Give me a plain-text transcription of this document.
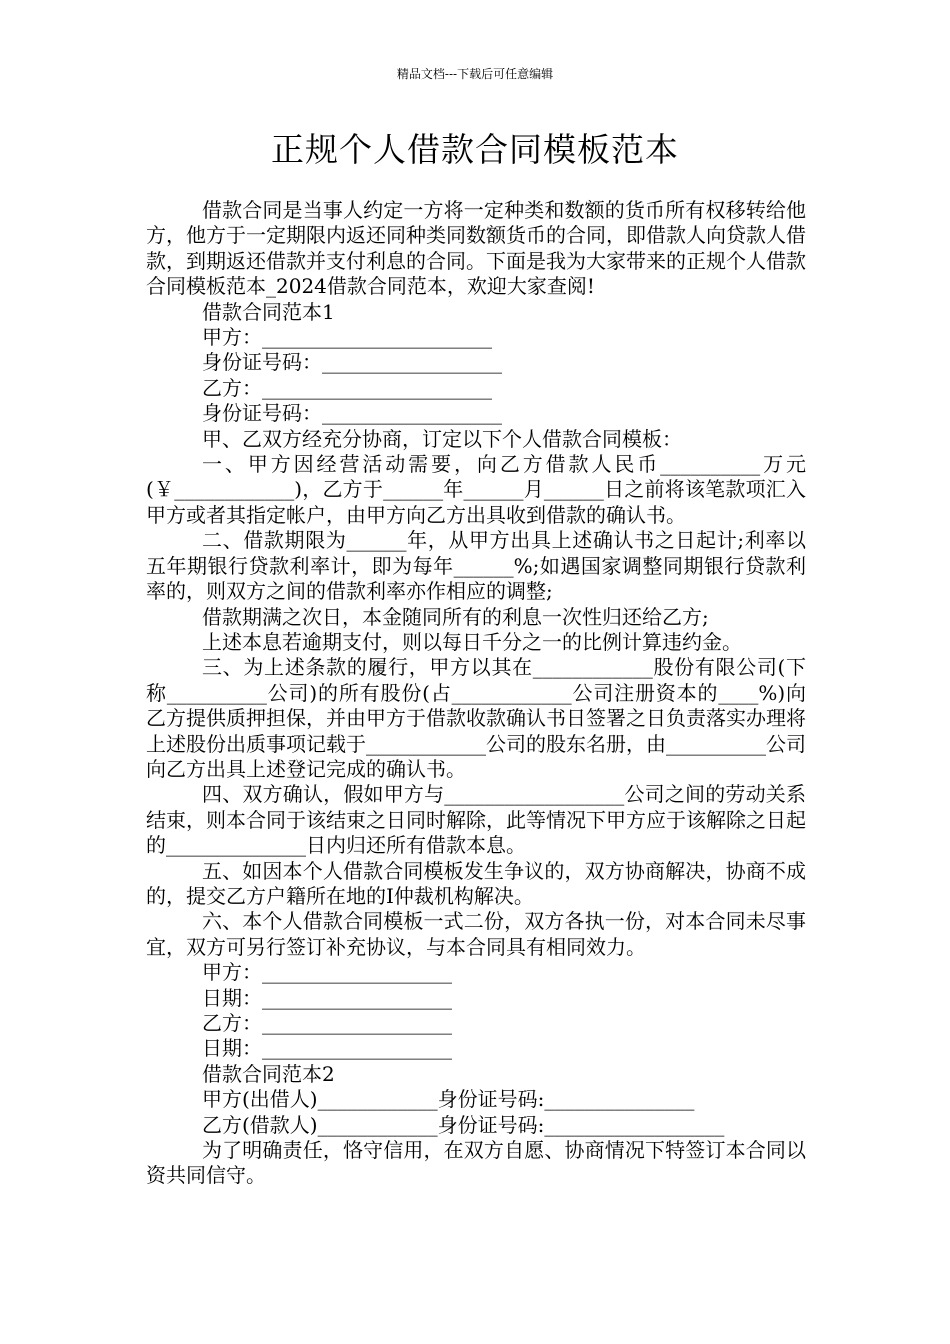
精品文档---下载后可任意编辑
正规个人借款合同模板范本

借款合同是当事人约定一方将一定种类和数额的货币所有权移转给他方，他方于一定期限内返还同种类同数额货币的合同，即借款人向贷款人借款，到期返还借款并支付利息的合同。下面是我为大家带来的正规个人借款合同模板范本_2024借款合同范本，欢迎大家查阅!

借款合同范本1

甲方：_______________________

身份证号码：__________________

乙方：_______________________

身份证号码：__________________

甲、乙双方经充分协商，订定以下个人借款合同模板：

一、甲方因经营活动需要，向乙方借款人民币__________万元(￥____________)，乙方于______年______月______日之前将该笔款项汇入甲方或者其指定帐户，由甲方向乙方出具收到借款的确认书。

二、借款期限为______年，从甲方出具上述确认书之日起计;利率以五年期银行贷款利率计，即为每年______%;如遇国家调整同期银行贷款利率的，则双方之间的借款利率亦作相应的调整;

借款期满之次日，本金随同所有的利息一次性归还给乙方;

上述本息若逾期支付，则以每日千分之一的比例计算违约金。

三、为上述条款的履行，甲方以其在____________股份有限公司(下称__________公司)的所有股份(占____________公司注册资本的____%)向乙方提供质押担保，并由甲方于借款收款确认书日签署之日负责落实办理将上述股份出质事项记载于____________公司的股东名册，由__________公司向乙方出具上述登记完成的确认书。

四、双方确认，假如甲方与__________________公司之间的劳动关系结束，则本合同于该结束之日同时解除，此等情况下甲方应于该解除之日起的______________日内归还所有借款本息。

五、如因本个人借款合同模板发生争议的，双方协商解决，协商不成的，提交乙方户籍所在地的I仲裁机构解决。

六、本个人借款合同模板一式二份，双方各执一份，对本合同未尽事宜，双方可另行签订补充协议，与本合同具有相同效力。

甲方：___________________

日期：___________________

乙方：___________________

日期：___________________

借款合同范本2

甲方(出借人)____________身份证号码:_______________

乙方(借款人)____________身份证号码:__________________

为了明确责任，恪守信用，在双方自愿、协商情况下特签订本合同以资共同信守。
